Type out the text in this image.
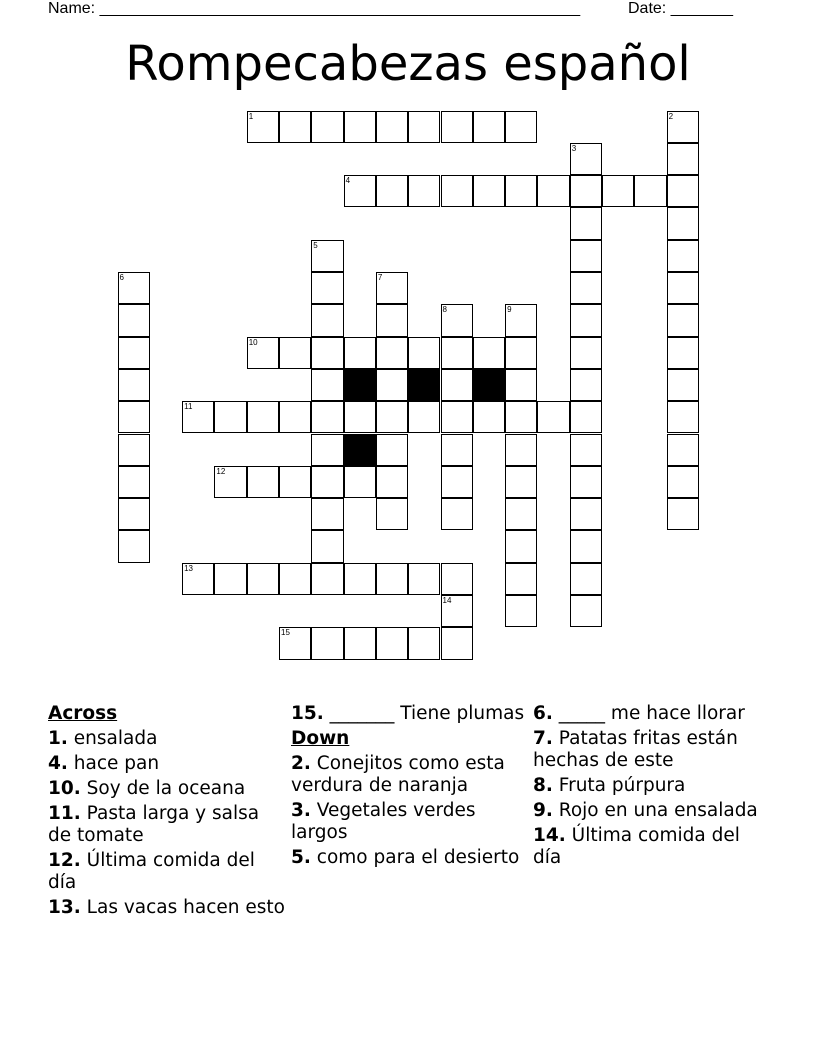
Name: ______________________________________________________	Date: _______
Rompecabezas español
1	2
3
4
5
6	7
8	9
10
11
12
13
14
15
Across
1. ensalada
4. hace pan
10. Soy de la oceana
11. Pasta larga y salsa de tomate
12. Última comida del día
13. Las vacas hacen esto
15. _______ Tiene plumas
Down
2. Conejitos como esta verdura de naranja
3. Vegetales verdes largos
5. como para el desierto
6. _____ me hace llorar
7. Patatas fritas están hechas de este
8. Fruta púrpura
9. Rojo en una ensalada
14. Última comida del día
